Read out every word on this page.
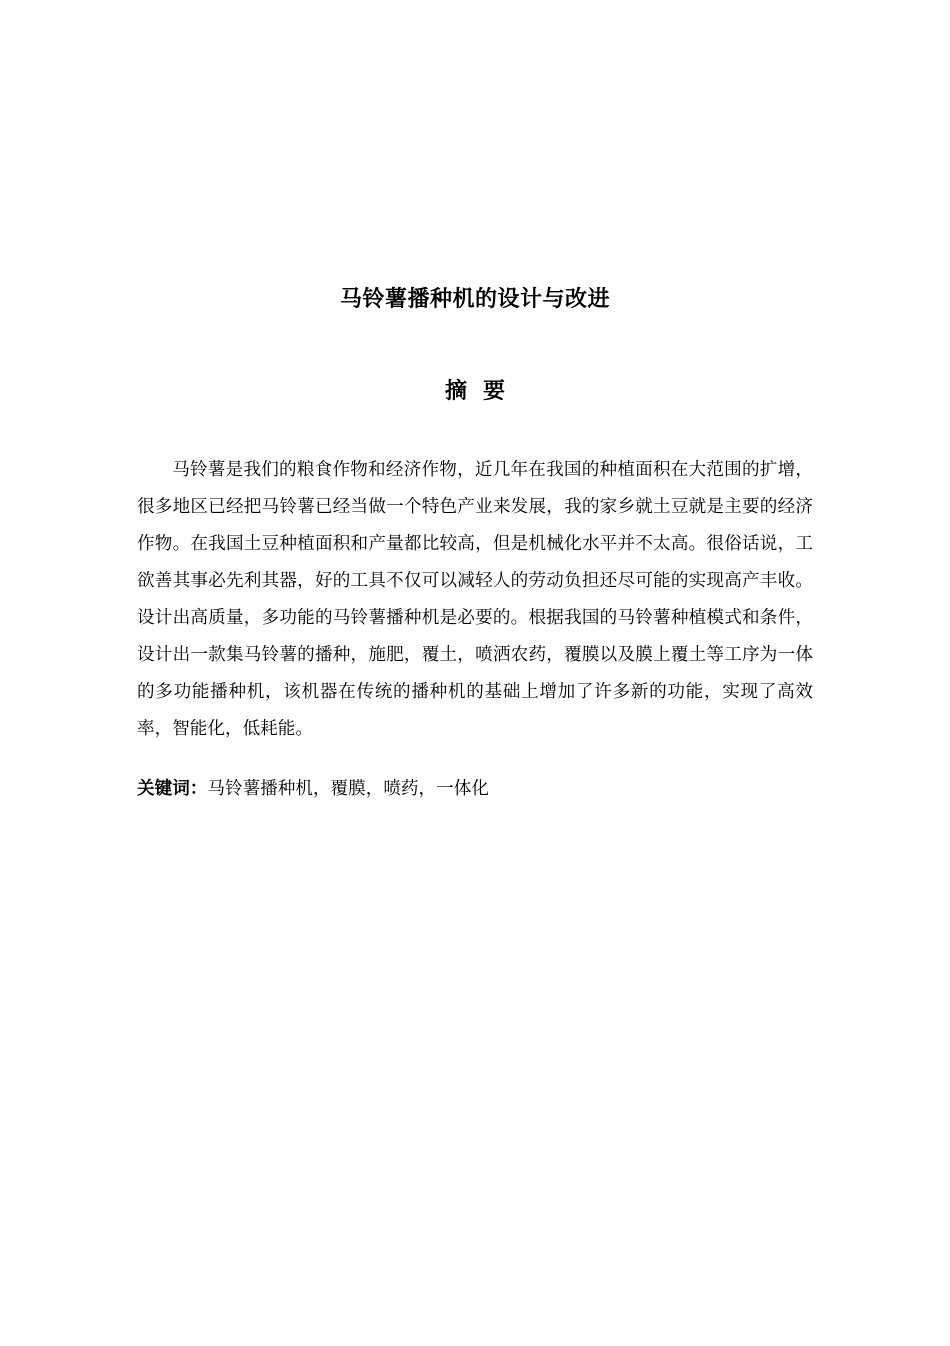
马铃薯播种机的设计与改进
摘要

马铃薯是我们的粮食作物和经济作物，近几年在我国的种植面积在大范围的扩增，很多地区已经把马铃薯已经当做一个特色产业来发展，我的家乡就土豆就是主要的经济作物。在我国土豆种植面积和产量都比较高，但是机械化水平并不太高。很俗话说，工欲善其事必先利其器，好的工具不仅可以减轻人的劳动负担还尽可能的实现高产丰收。设计出高质量，多功能的马铃薯播种机是必要的。根据我国的马铃薯种植模式和条件，设计出一款集马铃薯的播种，施肥，覆土，喷洒农药，覆膜以及膜上覆土等工序为一体的多功能播种机，该机器在传统的播种机的基础上增加了许多新的功能，实现了高效率，智能化，低耗能。

关键词：马铃薯播种机，覆膜，喷药，一体化
